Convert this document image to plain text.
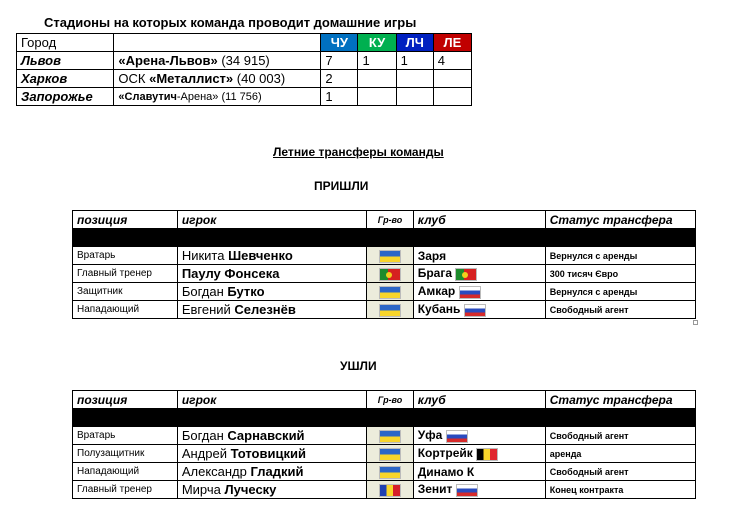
Стадионы на которых команда проводит домашние игры
Город		ЧУ	КУ	ЛЧ	ЛЕ
Львов	«Арена-Львов» (34 915)	7	1	1	4
Харков	ОСК «Металлист» (40 003)	2			
Запорожье	«Славутич-Арена» (11 756)	1			
Летние трансферы команды
ПРИШЛИ
позиция	игрок	Гр-во	клуб	Статус трансфера

Вратарь	Никита Шевченко		Заря	Вернулся с аренды
Главный тренер	Паулу Фонсека		Брага	300 тисяч Євро
Защитник	Богдан Бутко		Амкар	Вернулся с аренды
Нападающий	Евгений Селезнёв		Кубань	Свободный агент
УШЛИ
позиция	игрок	Гр-во	клуб	Статус трансфера

Вратарь	Богдан Сарнавский		Уфа	Свободный агент
Полузащитник	Андрей Тотовицкий		Кортрейк	аренда
Нападающий	Александр Гладкий		Динамо К	Свободный агент
Главный тренер	Мирча Луческу		Зенит	Конец контракта
